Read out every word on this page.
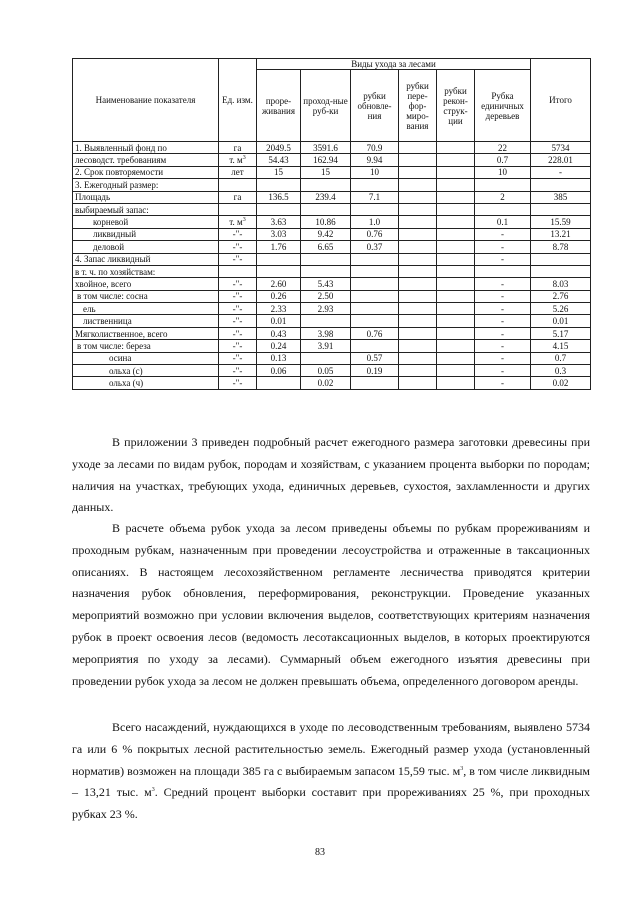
Наименование показателя	Ед. изм.	Виды ухода за лесами						Итого
		проре-живания	проход-ные руб-ки	рубки обновле-ния	рубки пере-фор-миро-вания	рубки рекон-струк-ции	Рубка единичных деревьев	
1. Выявленный фонд по	га	2049.5	3591.6	70.9			22	5734
лесоводст. требованиям	т. $м^3$	54.43	162.94	9.94			0.7	228.01
2. Срок повторяемости	лет	15	15	10			10	-
3. Ежегодный размер:								
Площадь	га	136.5	239.4	7.1			2	385
выбираемый запас:								
корневой	т. $м^3$	3.63	10.86	1.0			0.1	15.59
ликвидный	-"-	3.03	9.42	0.76			-	13.21
деловой	-"-	1.76	6.65	0.37			-	8.78
4. Запас ликвидный	-"-						-	
в т. ч. по хозяйствам:								
хвойное, всего	-"-	2.60	5.43				-	8.03
в том числе: сосна	-"-	0.26	2.50				-	2.76
ель	-"-	2.33	2.93				-	5.26
лиственница	-"-	0.01					-	0.01
Мягколиственное, всего	-"-	0.43	3.98	0.76			-	5.17
в том числе: береза	-"-	0.24	3.91				-	4.15
осина	-"-	0.13		0.57			-	0.7
ольха (с)	-"-	0.06	0.05	0.19			-	0.3
ольха (ч)	-"-		0.02				-	0.02

В приложении 3 приведен подробный расчет ежегодного размера заготовки древесины при уходе за лесами по видам рубок, породам и хозяйствам, с указанием процента выборки по породам; наличия на участках, требующих ухода, единичных деревьев, сухостоя, захламленности и других данных.

В расчете объема рубок ухода за лесом приведены объемы по рубкам прореживаниям и проходным рубкам, назначенным при проведении лесоустройства и отраженные в таксационных описаниях. В настоящем лесохозяйственном регламенте лесничества приводятся критерии назначения рубок обновления, переформирования, реконструкции. Проведение указанных мероприятий возможно при условии включения выделов, соответствующих критериям назначения рубок в проект освоения лесов (ведомость лесотаксационных выделов, в которых проектируются мероприятия по уходу за лесами). Суммарный объем ежегодного изъятия древесины при проведении рубок ухода за лесом не должен превышать объема, определенного договором аренды.

Всего насаждений, нуждающихся в уходе по лесоводственным требованиям, выявлено 5734 га или 6 % покрытых лесной растительностью земель. Ежегодный размер ухода (установленный норматив) возможен на площади 385 га с выбираемым запасом 15,59 тыс. $м^3$, в том числе ликвидным – 13,21 тыс. $м^3$. Средний процент выборки составит при прореживаниях 25 %, при проходных рубках 23 %.

83
